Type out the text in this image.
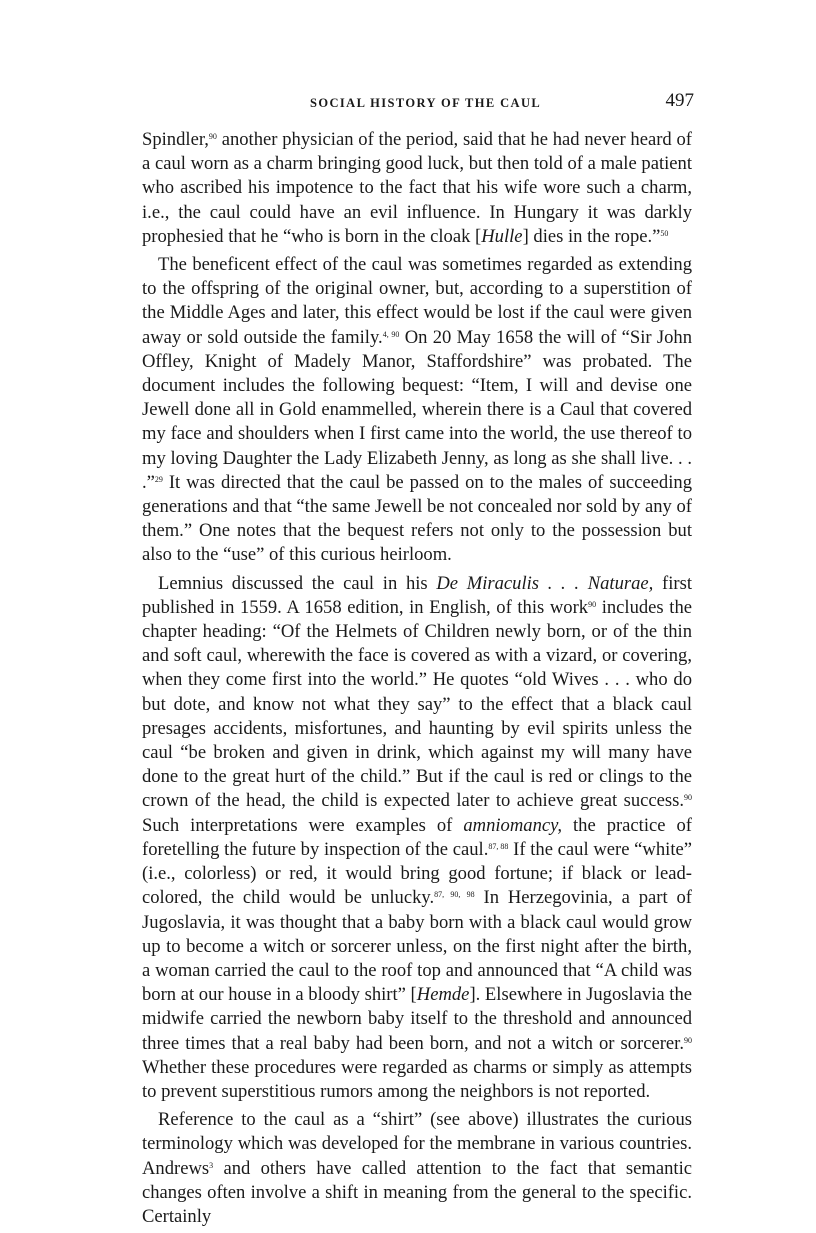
SOCIAL HISTORY OF THE CAUL	497

Spindler,$^{90}$ another physician of the period, said that he had never heard of a caul worn as a charm bringing good luck, but then told of a male patient who ascribed his impotence to the fact that his wife wore such a charm, i.e., the caul could have an evil influence. In Hungary it was darkly prophesied that he “who is born in the cloak [Hulle] dies in the rope.”$^{50}$

The beneficent effect of the caul was sometimes regarded as extending to the offspring of the original owner, but, according to a superstition of the Middle Ages and later, this effect would be lost if the caul were given away or sold outside the family.$^{4, 90}$ On 20 May 1658 the will of “Sir John Offley, Knight of Madely Manor, Staffordshire” was probated. The document includes the following bequest: “Item, I will and devise one Jewell done all in Gold enammelled, wherein there is a Caul that covered my face and shoulders when I first came into the world, the use thereof to my loving Daughter the Lady Elizabeth Jenny, as long as she shall live. . . .”$^{29}$ It was directed that the caul be passed on to the males of succeeding generations and that “the same Jewell be not concealed nor sold by any of them.” One notes that the bequest refers not only to the possession but also to the “use” of this curious heirloom.

Lemnius discussed the caul in his De Miraculis . . . Naturae, first published in 1559. A 1658 edition, in English, of this work$^{90}$ includes the chapter heading: “Of the Helmets of Children newly born, or of the thin and soft caul, wherewith the face is covered as with a vizard, or covering, when they come first into the world.” He quotes “old Wives . . . who do but dote, and know not what they say” to the effect that a black caul presages accidents, misfortunes, and haunting by evil spirits unless the caul “be broken and given in drink, which against my will many have done to the great hurt of the child.” But if the caul is red or clings to the crown of the head, the child is expected later to achieve great success.$^{90}$ Such interpretations were examples of amniomancy, the practice of foretelling the future by inspection of the caul.$^{87, 88}$ If the caul were “white” (i.e., colorless) or red, it would bring good fortune; if black or lead-colored, the child would be unlucky.$^{87, 90, 98}$ In Herzegovinia, a part of Jugoslavia, it was thought that a baby born with a black caul would grow up to become a witch or sorcerer unless, on the first night after the birth, a woman carried the caul to the roof top and announced that “A child was born at our house in a bloody shirt” [Hemde]. Elsewhere in Jugoslavia the midwife carried the newborn baby itself to the threshold and announced three times that a real baby had been born, and not a witch or sorcerer.$^{90}$ Whether these procedures were regarded as charms or simply as attempts to prevent superstitious rumors among the neighbors is not reported.

Reference to the caul as a “shirt” (see above) illustrates the curious terminology which was developed for the membrane in various countries. Andrews$^3$ and others have called attention to the fact that semantic changes often involve a shift in meaning from the general to the specific. Certainly
